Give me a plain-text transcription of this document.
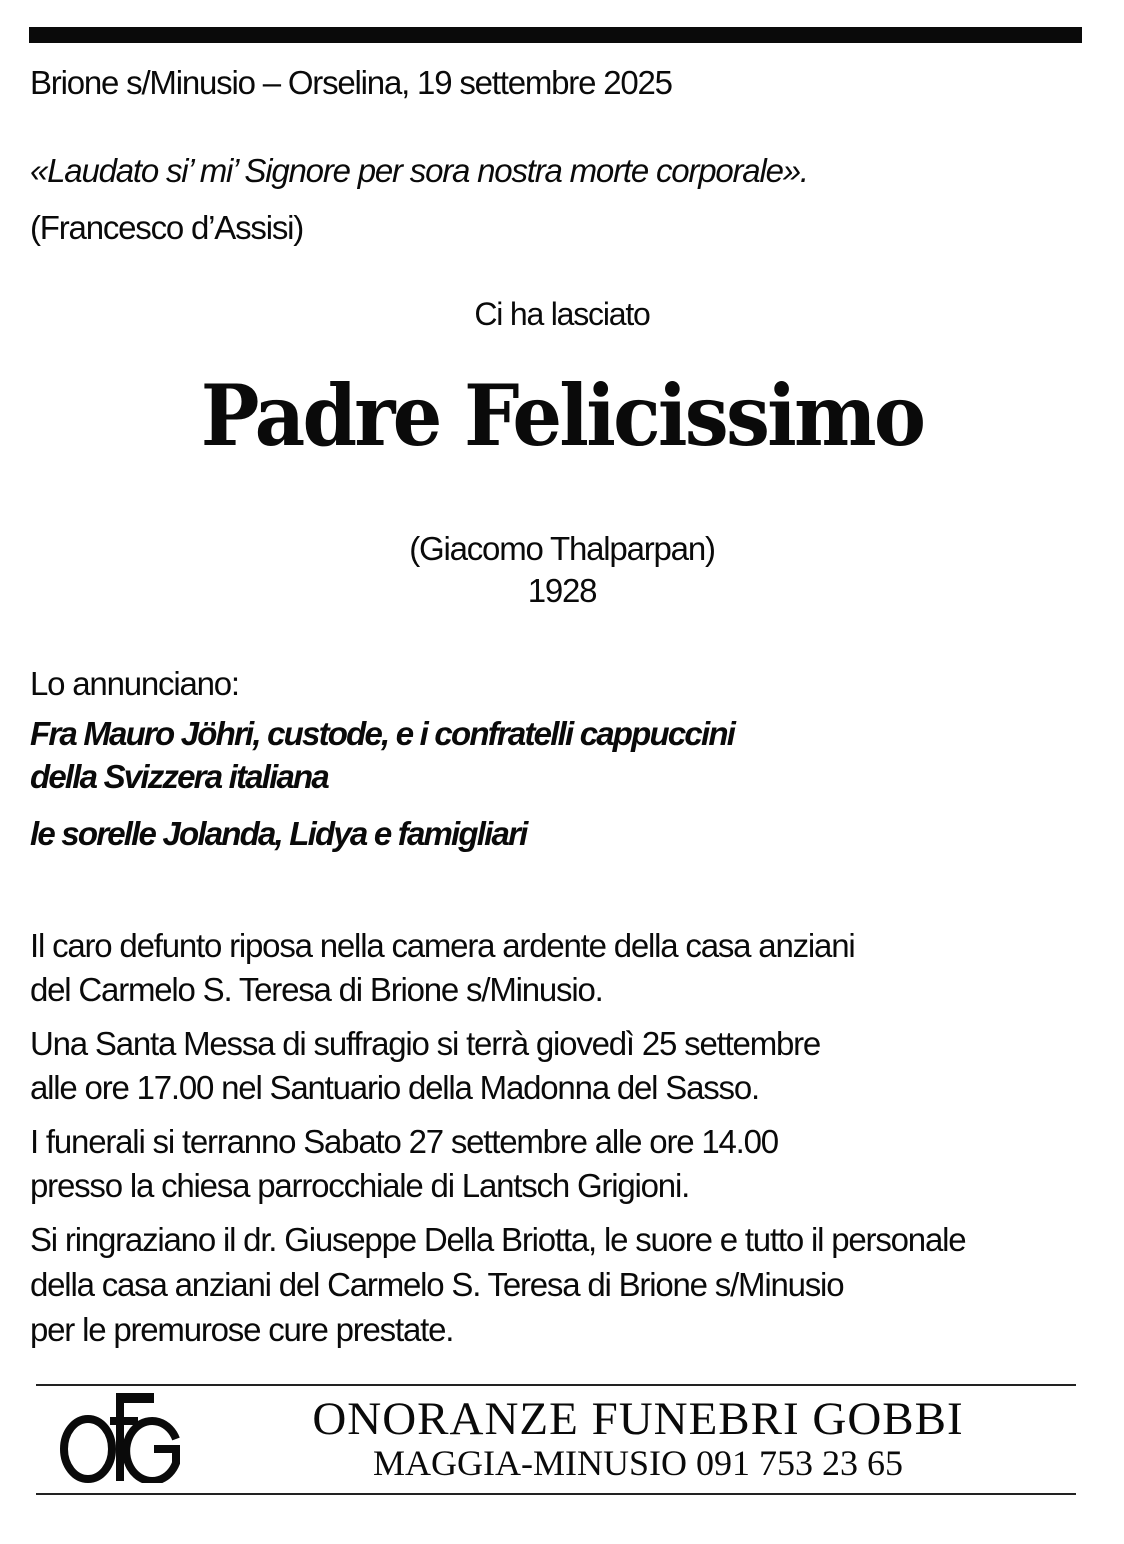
Brione s/Minusio – Orselina, 19 settembre 2025
«Laudato si’ mi’ Signore per sora nostra morte corporale».
(Francesco d’Assisi)
Ci ha lasciato
Padre Felicissimo
(Giacomo Thalparpan)
1928
Lo annunciano:
Fra Mauro Jöhri, custode, e i confratelli cappuccini
della Svizzera italiana
le sorelle Jolanda, Lidya e famigliari
Il caro defunto riposa nella camera ardente della casa anziani
del Carmelo S. Teresa di Brione s/Minusio.
Una Santa Messa di suffragio si terrà giovedì 25 settembre
alle ore 17.00 nel Santuario della Madonna del Sasso.
I funerali si terranno Sabato 27 settembre alle ore 14.00
presso la chiesa parrocchiale di Lantsch Grigioni.
Si ringraziano il dr. Giuseppe Della Briotta, le suore e tutto il personale
della casa anziani del Carmelo S. Teresa di Brione s/Minusio
per le premurose cure prestate.
ONORANZE FUNEBRI GOBBI
MAGGIA-MINUSIO 091 753 23 65
